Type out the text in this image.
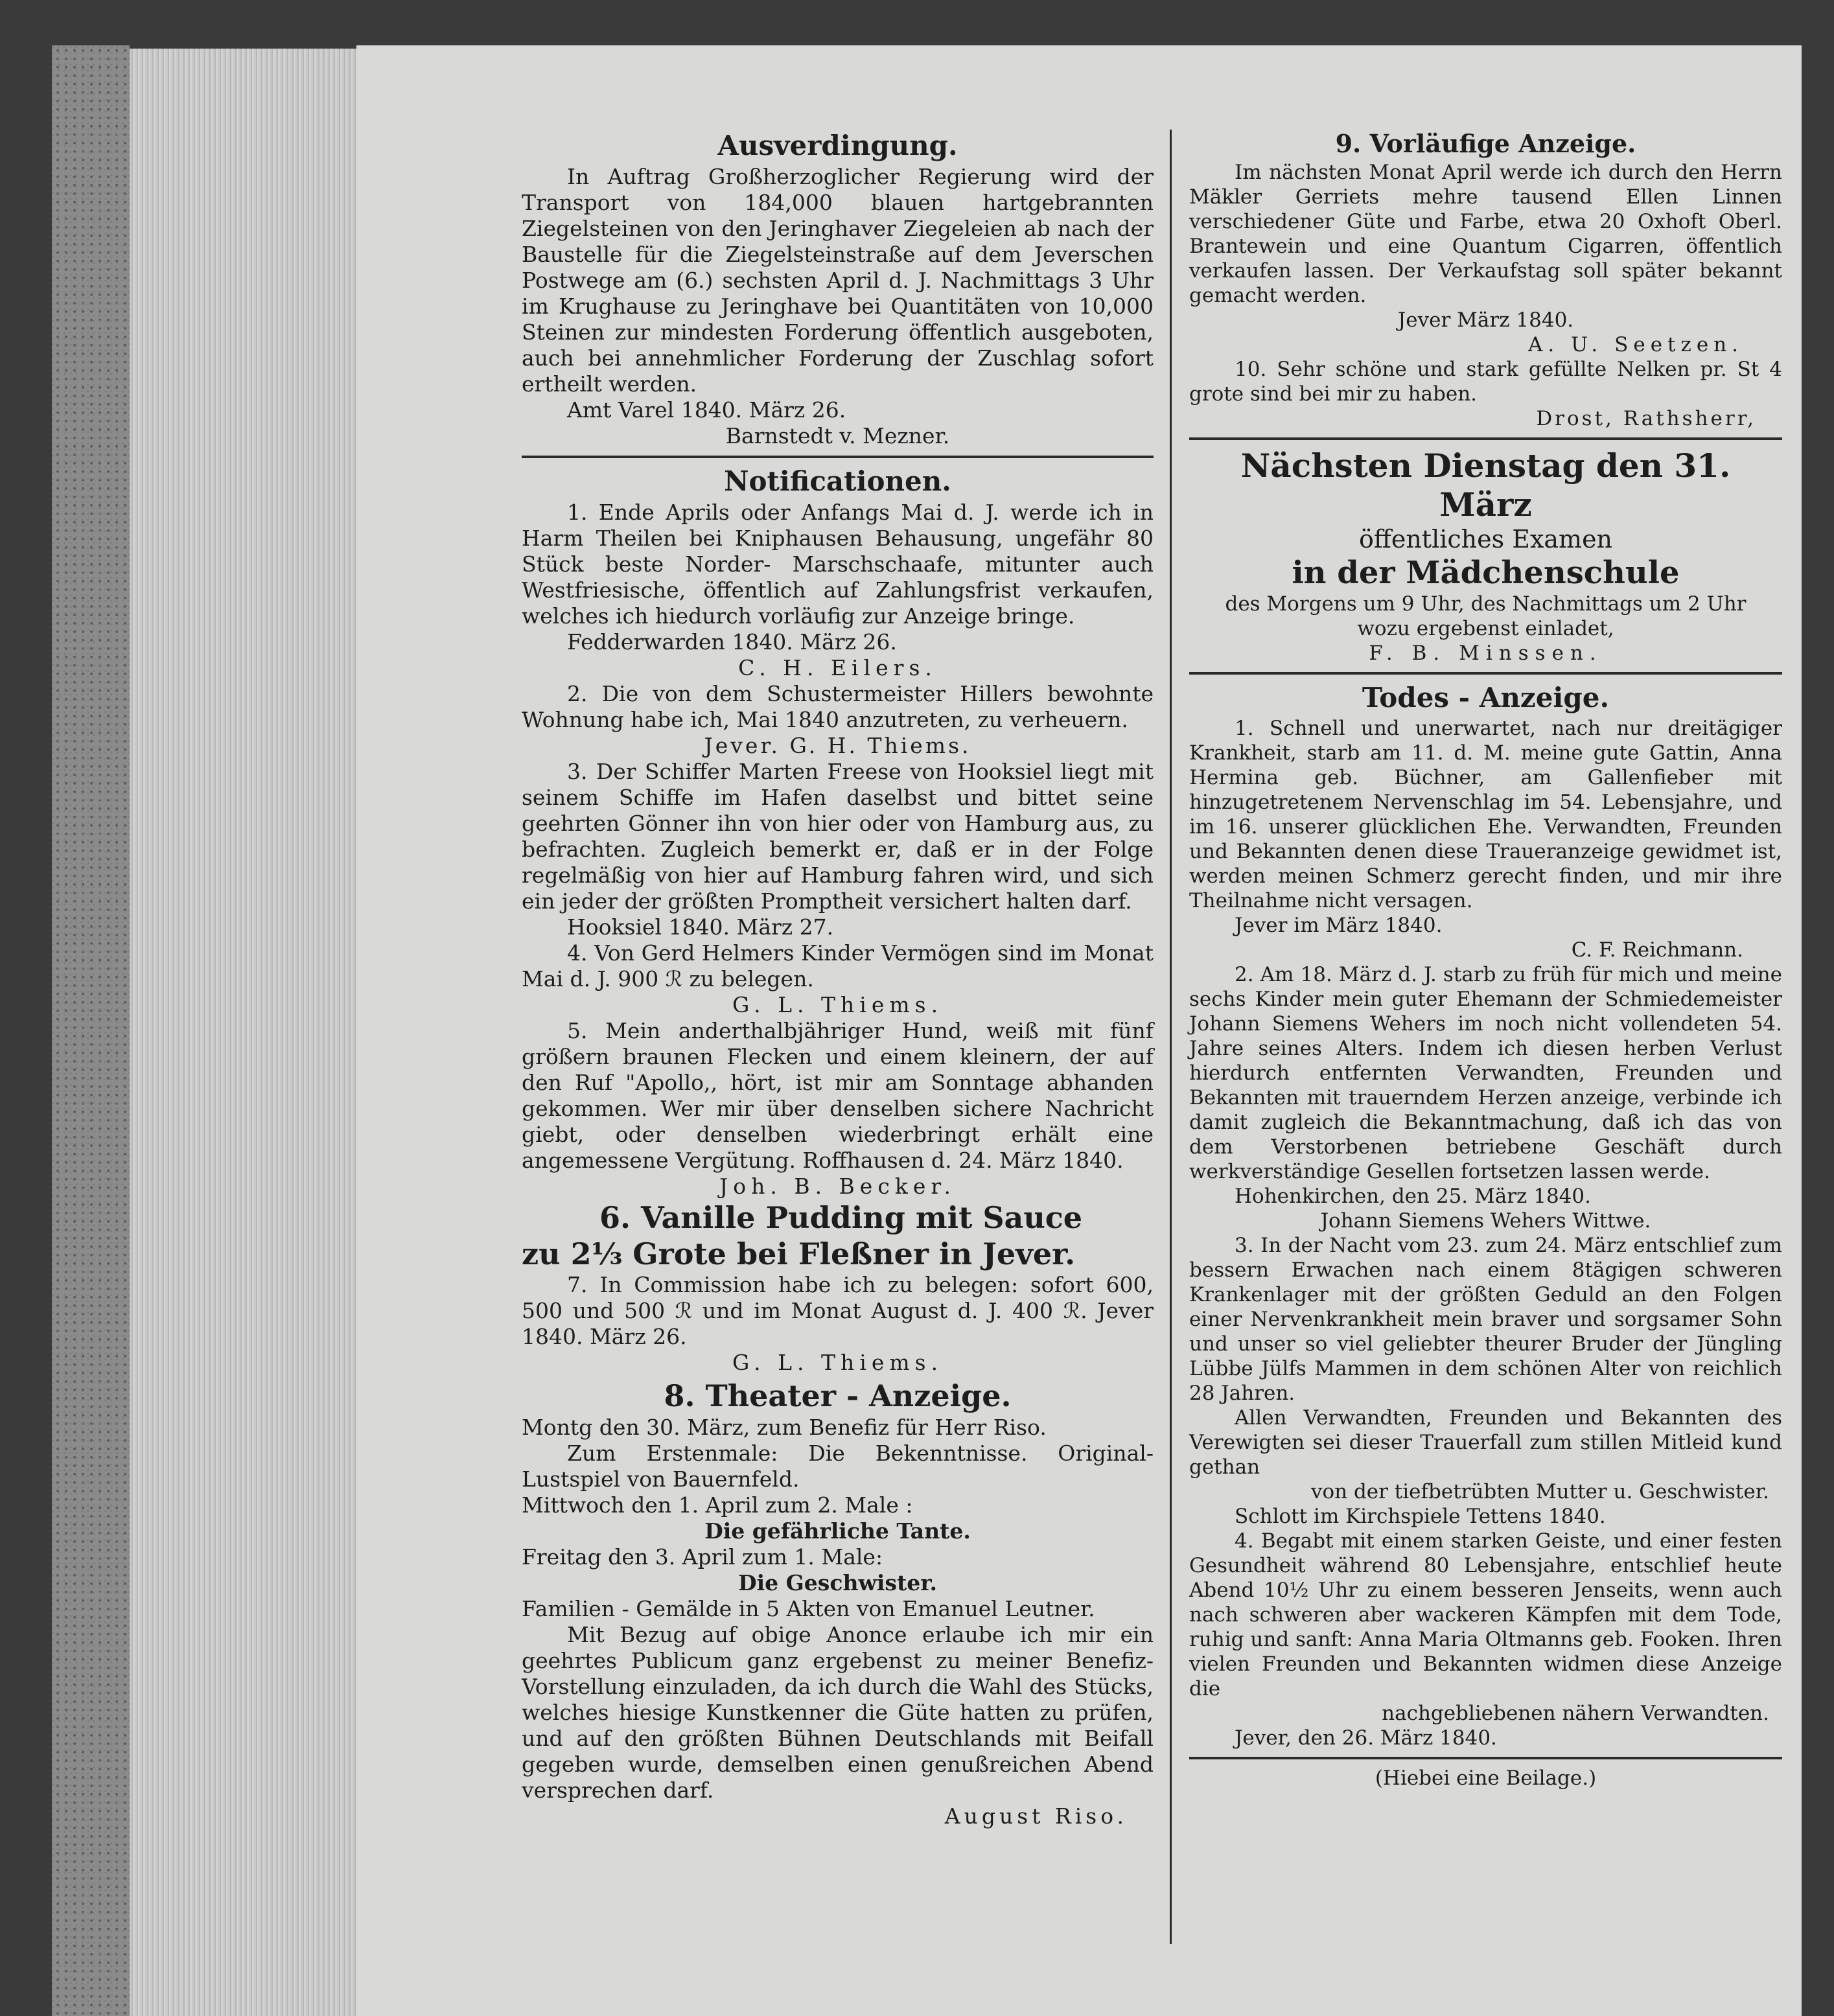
Ausverdingung.

In Auftrag Großherzoglicher Regierung wird der Transport von 184,000 blauen hartgebrannten Ziegelsteinen von den Jeringhaver Ziegeleien ab nach der Baustelle für die Ziegelsteinstraße auf dem Jeverschen Postwege am (6.) sechsten April d. J. Nachmittags 3 Uhr im Krughause zu Jeringhave bei Quantitäten von 10,000 Steinen zur mindesten Forderung öffentlich ausgeboten, auch bei annehmlicher Forderung der Zuschlag sofort ertheilt werden.

Amt Varel 1840. März 26.

Barnstedt v. Mezner.
Notificationen.

1. Ende Aprils oder Anfangs Mai d. J. werde ich in Harm Theilen bei Kniphausen Behausung, ungefähr 80 Stück beste Norder- Marschschaafe, mitunter auch Westfriesische, öffentlich auf Zahlungsfrist verkaufen, welches ich hiedurch vorläufig zur Anzeige bringe.

Fedderwarden 1840. März 26.

C. H. Eilers.

2. Die von dem Schustermeister Hillers bewohnte Wohnung habe ich, Mai 1840 anzutreten, zu verheuern.

Jever. G. H. Thiems.

3. Der Schiffer Marten Freese von Hooksiel liegt mit seinem Schiffe im Hafen daselbst und bittet seine geehrten Gönner ihn von hier oder von Hamburg aus, zu befrachten. Zugleich bemerkt er, daß er in der Folge regelmäßig von hier auf Hamburg fahren wird, und sich ein jeder der größten Promptheit versichert halten darf.

Hooksiel 1840. März 27.

4. Von Gerd Helmers Kinder Vermögen sind im Monat Mai d. J. 900 ℛ zu belegen.

G. L. Thiems.

5. Mein anderthalbjähriger Hund, weiß mit fünf größern braunen Flecken und einem kleinern, der auf den Ruf "Apollo,, hört, ist mir am Sonntage abhanden gekommen. Wer mir über denselben sichere Nachricht giebt, oder denselben wiederbringt erhält eine angemessene Vergütung. Roffhausen d. 24. März 1840.

Joh. B. Becker.
6. Vanille Pudding mit Sauce
zu 2⅓ Grote bei Fleßner in Jever.

7. In Commission habe ich zu belegen: sofort 600, 500 und 500 ℛ und im Monat August d. J. 400 ℛ. Jever 1840. März 26.

G. L. Thiems.
8. Theater - Anzeige.

Montg den 30. März, zum Benefiz für Herr Riso.

Zum Erstenmale: Die Bekenntnisse. Original-Lustspiel von Bauernfeld.

Mittwoch den 1. April zum 2. Male :

Die gefährliche Tante.

Freitag den 3. April zum 1. Male:

Die Geschwister.

Familien - Gemälde in 5 Akten von Emanuel Leutner.

Mit Bezug auf obige Anonce erlaube ich mir ein geehrtes Publicum ganz ergebenst zu meiner Benefiz-Vorstellung einzuladen, da ich durch die Wahl des Stücks, welches hiesige Kunstkenner die Güte hatten zu prüfen, und auf den größten Bühnen Deutschlands mit Beifall gegeben wurde, demselben einen genußreichen Abend versprechen darf.

August Riso.
9. Vorläufige Anzeige.

Im nächsten Monat April werde ich durch den Herrn Mäkler Gerriets mehre tausend Ellen Linnen verschiedener Güte und Farbe, etwa 20 Oxhoft Oberl. Brantewein und eine Quantum Cigarren, öffentlich verkaufen lassen. Der Verkaufstag soll später bekannt gemacht werden.

Jever März 1840.
A. U. Seetzen.

10. Sehr schöne und stark gefüllte Nelken pr. St 4 grote sind bei mir zu haben.

Drost, Rathsherr,
Nächsten Dienstag den 31. März
öffentliches Examen
in der Mädchenschule
des Morgens um 9 Uhr, des Nachmittags um 2 Uhr
wozu ergebenst einladet,
F. B. Minssen.
Todes - Anzeige.

1. Schnell und unerwartet, nach nur dreitägiger Krankheit, starb am 11. d. M. meine gute Gattin, Anna Hermina geb. Büchner, am Gallenfieber mit hinzugetretenem Nervenschlag im 54. Lebensjahre, und im 16. unserer glücklichen Ehe. Verwandten, Freunden und Bekannten denen diese Traueranzeige gewidmet ist, werden meinen Schmerz gerecht finden, und mir ihre Theilnahme nicht versagen.

Jever im März 1840.

C. F. Reichmann.

2. Am 18. März d. J. starb zu früh für mich und meine sechs Kinder mein guter Ehemann der Schmiedemeister Johann Siemens Wehers im noch nicht vollendeten 54. Jahre seines Alters. Indem ich diesen herben Verlust hierdurch entfernten Verwandten, Freunden und Bekannten mit trauerndem Herzen anzeige, verbinde ich damit zugleich die Bekanntmachung, daß ich das von dem Verstorbenen betriebene Geschäft durch werkverständige Gesellen fortsetzen lassen werde.

Hohenkirchen, den 25. März 1840.

Johann Siemens Wehers Wittwe.

3. In der Nacht vom 23. zum 24. März entschlief zum bessern Erwachen nach einem 8tägigen schweren Krankenlager mit der größten Geduld an den Folgen einer Nervenkrankheit mein braver und sorgsamer Sohn und unser so viel geliebter theurer Bruder der Jüngling Lübbe Jülfs Mammen in dem schönen Alter von reichlich 28 Jahren.

Allen Verwandten, Freunden und Bekannten des Verewigten sei dieser Trauerfall zum stillen Mitleid kund gethan

von der tiefbetrübten Mutter u. Geschwister.

Schlott im Kirchspiele Tettens 1840.

4. Begabt mit einem starken Geiste, und einer festen Gesundheit während 80 Lebensjahre, entschlief heute Abend 10½ Uhr zu einem besseren Jenseits, wenn auch nach schweren aber wackeren Kämpfen mit dem Tode, ruhig und sanft: Anna Maria Oltmanns geb. Fooken. Ihren vielen Freunden und Bekannten widmen diese Anzeige die

nachgebliebenen nähern Verwandten.

Jever, den 26. März 1840.

(Hiebei eine Beilage.)
